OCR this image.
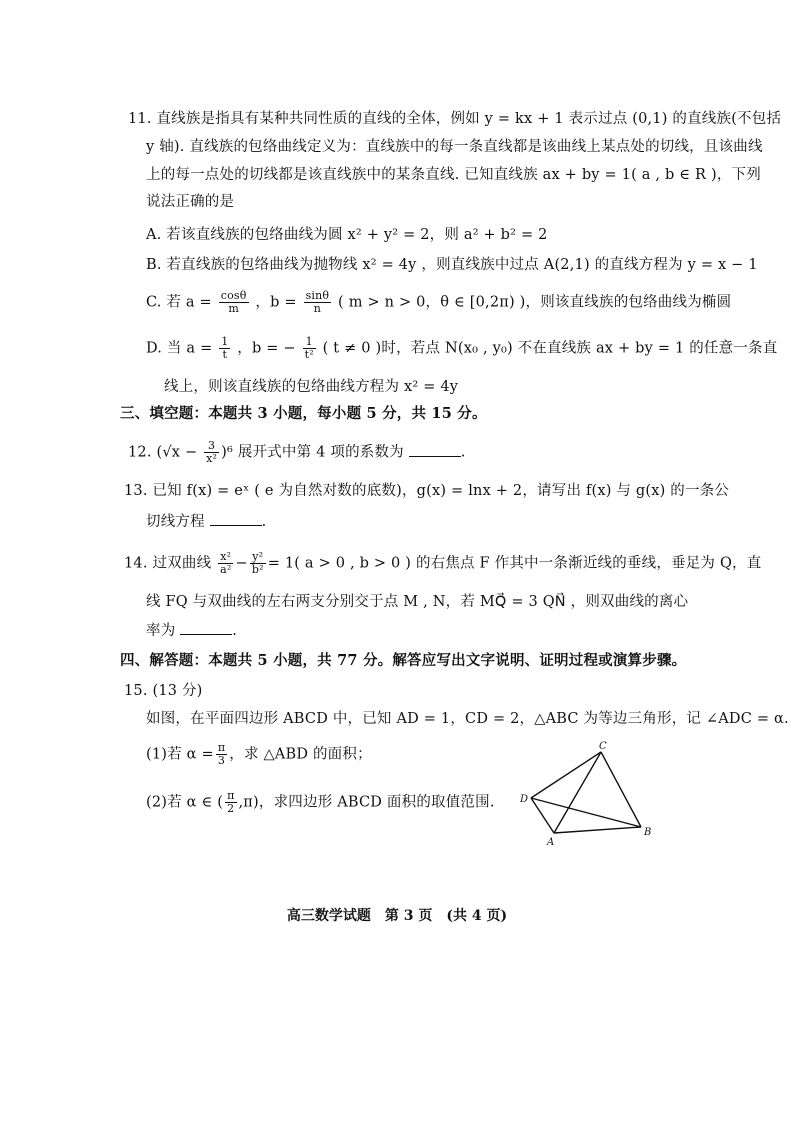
11. 直线族是指具有某种共同性质的直线的全体，例如 y = kx + 1 表示过点 (0,1) 的直线族(不包括
y 轴). 直线族的包络曲线定义为：直线族中的每一条直线都是该曲线上某点处的切线，且该曲线
上的每一点处的切线都是该直线族中的某条直线. 已知直线族 ax + by = 1( a , b ∈ R )，下列
说法正确的是
A. 若该直线族的包络曲线为圆 x² + y² = 2，则 a² + b² = 2
B. 若直线族的包络曲线为抛物线 x² = 4y ，则直线族中过点 A(2,1) 的直线方程为 y = x − 1
C. 若 $a = \frac{\cos\theta}{m}$ ，$b = \frac{\sin\theta}{n}$ ( m > n > 0，θ ∈ [0,2π) )，则该直线族的包络曲线为椭圆
D. 当 $a = \frac{1}{t}$ ，b = − $\frac{1}{\text{t²}}$ ( t ≠ 0 )时，若点 N(x₀ , y₀) 不在直线族 ax + by = 1 的任意一条直
线上，则该直线族的包络曲线方程为 x² = 4y
三、填空题：本题共 3 小题，每小题 5 分，共 15 分。
12. $(√x - \frac{3}{\text{x²}} )^6$ 展开式中第 4 项的系数为	.
13. 已知 f(x) = eˣ ( e 为自然对数的底数)，g(x) = lnx + 2，请写出 f(x) 与 g(x) 的一条公
切线方程	.
14. 过双曲线 $\frac{\text{x²}}{\text{a²}} - \frac{\text{y²}}{\text{b²}} = 1$( a > 0 , b > 0 ) 的右焦点 F 作其中一条渐近线的垂线，垂足为 Q，直
线 FQ 与双曲线的左右两支分别交于点 M , N，若 MQ⃗ = 3 QN⃗ ，则双曲线的离心
率为	.
四、解答题：本题共 5 小题，共 77 分。解答应写出文字说明、证明过程或演算步骤。
15. (13 分)
如图，在平面四边形 ABCD 中，已知 AD = 1，CD = 2，△ABC 为等边三角形，记 ∠ADC = α.
(1)若 $\alpha = \frac{\pi}{3}$ ，求 △ABD 的面积；
(2)若 α ∈ ( $\frac{\pi}{2} ,\pi$)，求四边形 ABCD 面积的取值范围.
C
D
A
B
高三数学试题　第 3 页　(共 4 页)
